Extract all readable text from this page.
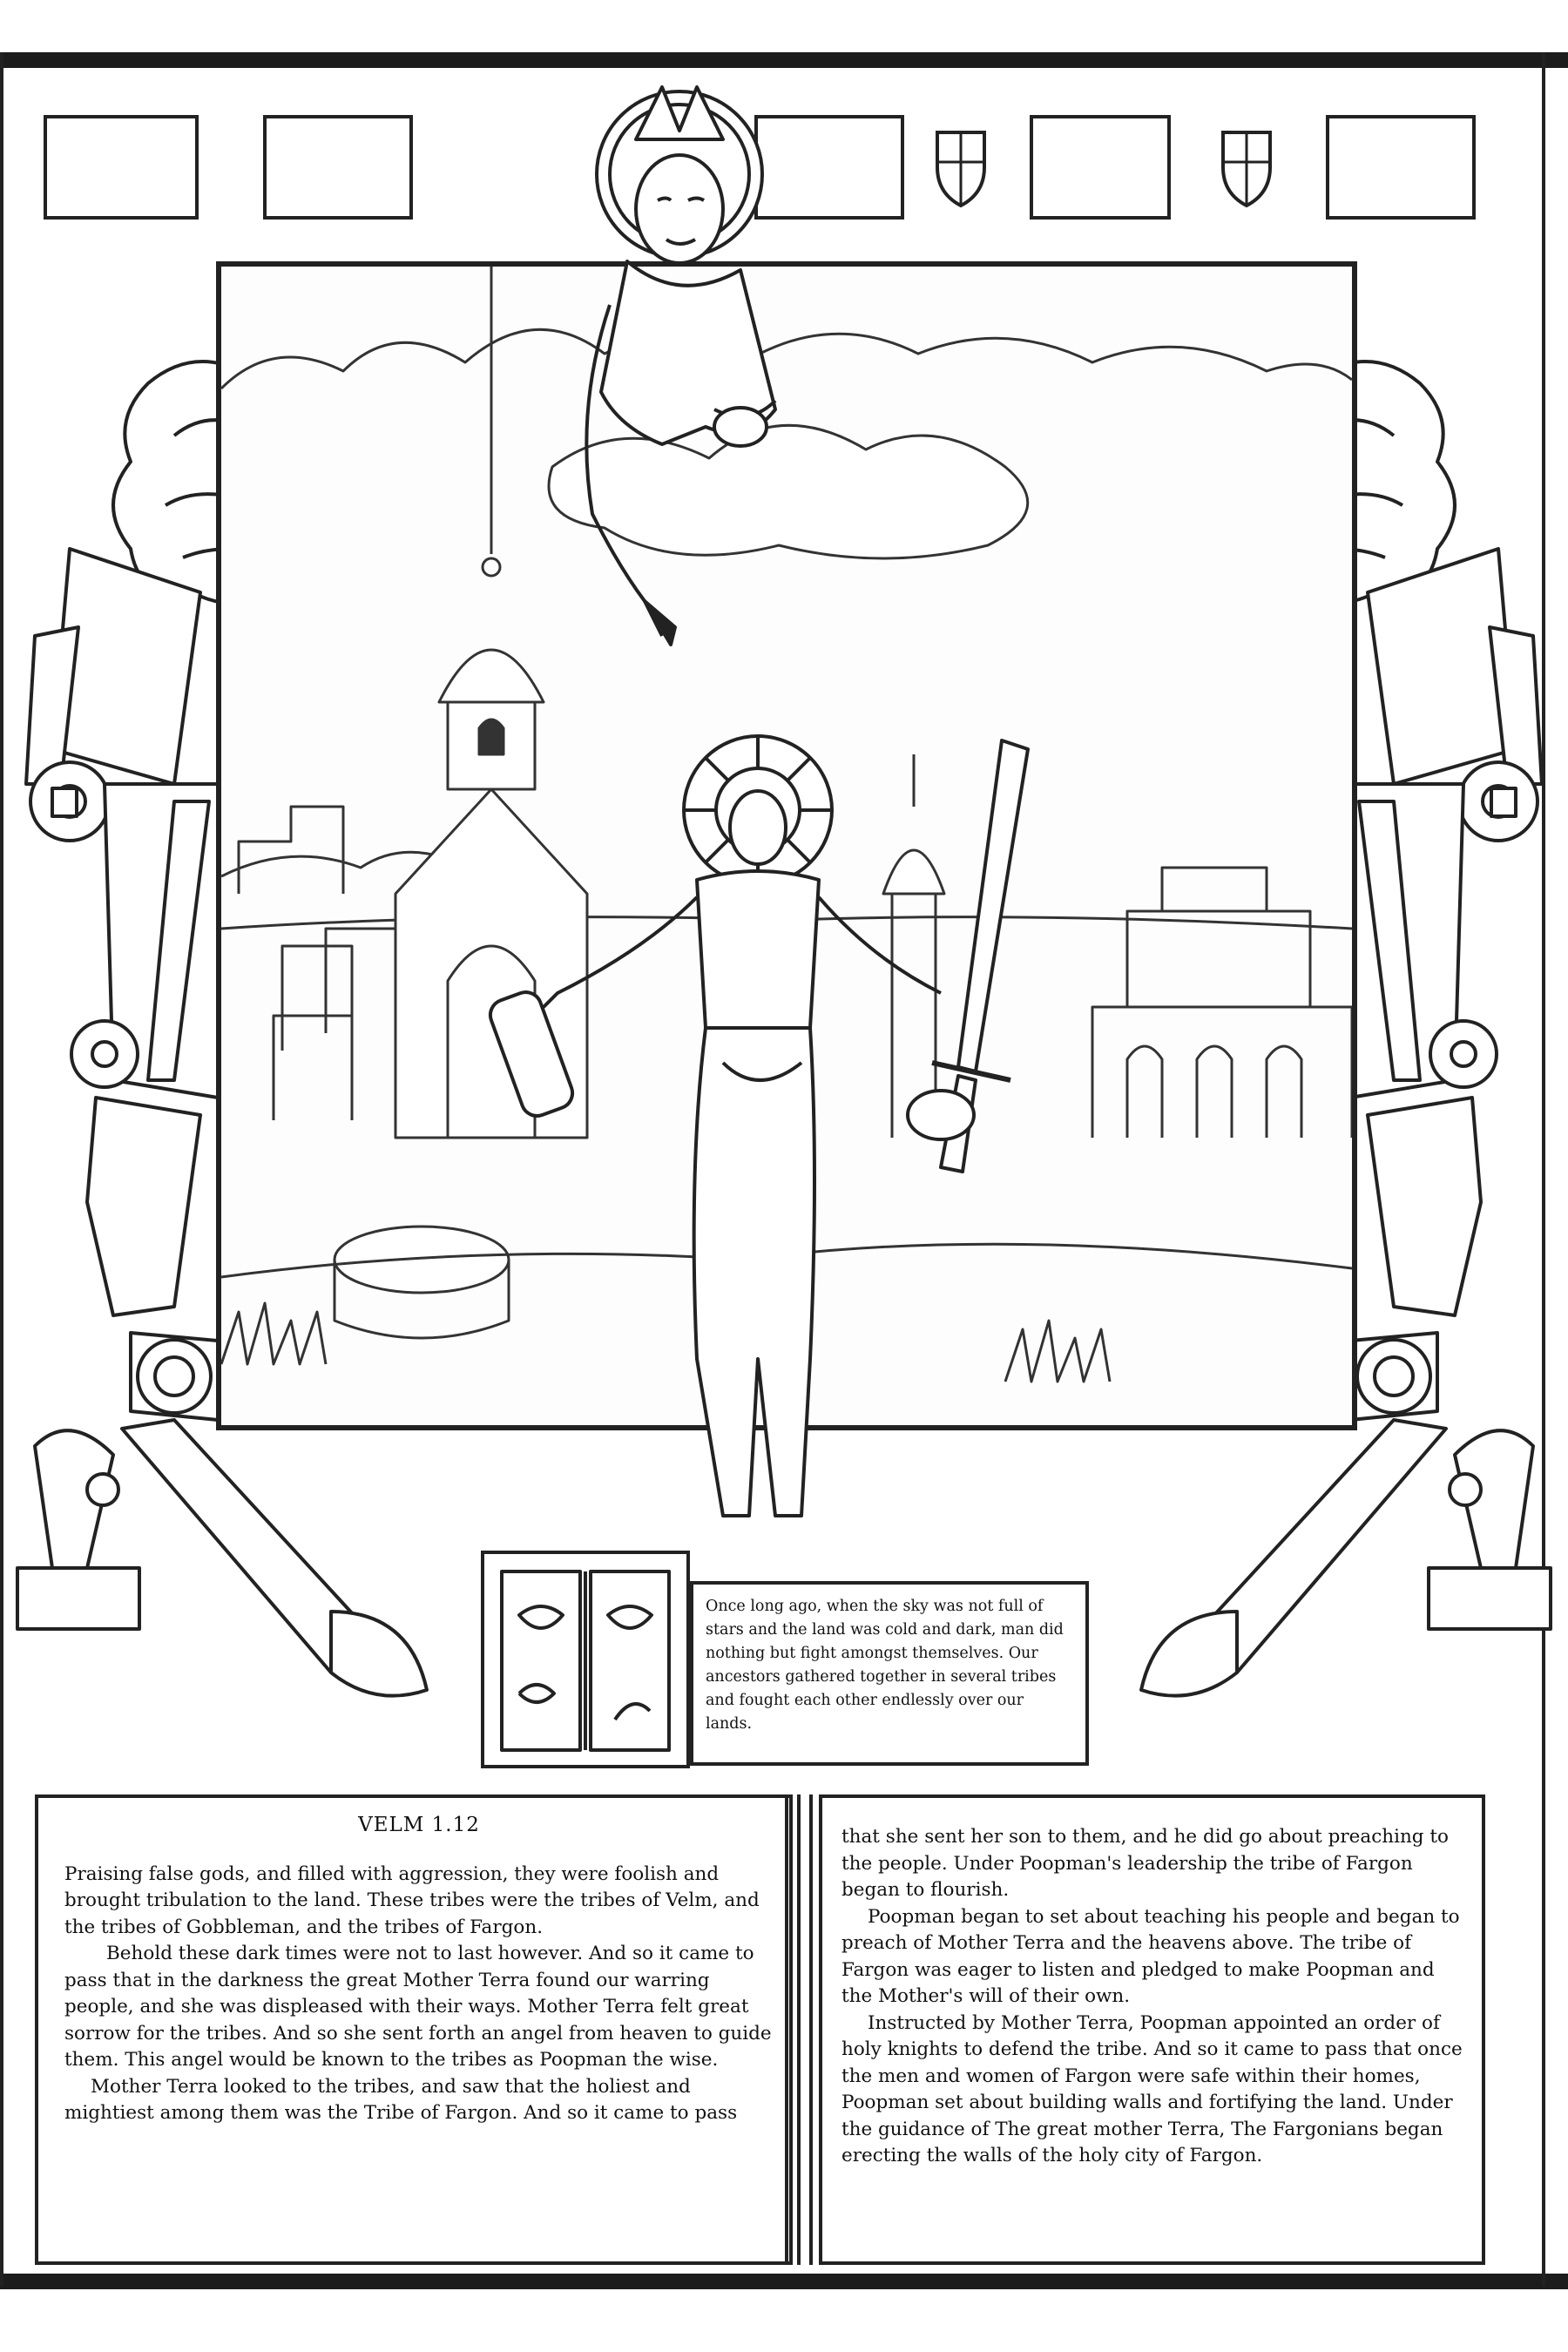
Once long ago, when the sky was not full of stars and the land was cold and dark, man did nothing but fight amongst themselves. Our ancestors gathered together in several tribes and fought each other endlessly over our lands.

VELM 1.12

Praising false gods, and filled with aggression, they were foolish and brought tribulation to the land. These tribes were the tribes of Velm, and the tribes of Gobbleman, and the tribes of Fargon.

Behold these dark times were not to last however. And so it came to pass that in the darkness the great Mother Terra found our warring people, and she was displeased with their ways. Mother Terra felt great sorrow for the tribes. And so she sent forth an angel from heaven to guide them. This angel would be known to the tribes as Poopman the wise.

Mother Terra looked to the tribes, and saw that the holiest and mightiest among them was the Tribe of Fargon. And so it came to pass

that she sent her son to them, and he did go about preaching to the people. Under Poopman's leadership the tribe of Fargon began to flourish.

Poopman began to set about teaching his people and began to preach of Mother Terra and the heavens above. The tribe of Fargon was eager to listen and pledged to make Poopman and the Mother's will of their own.

Instructed by Mother Terra, Poopman appointed an order of holy knights to defend the tribe. And so it came to pass that once the men and women of Fargon were safe within their homes, Poopman set about building walls and fortifying the land. Under the guidance of The great mother Terra, The Fargonians began erecting the walls of the holy city of Fargon.
